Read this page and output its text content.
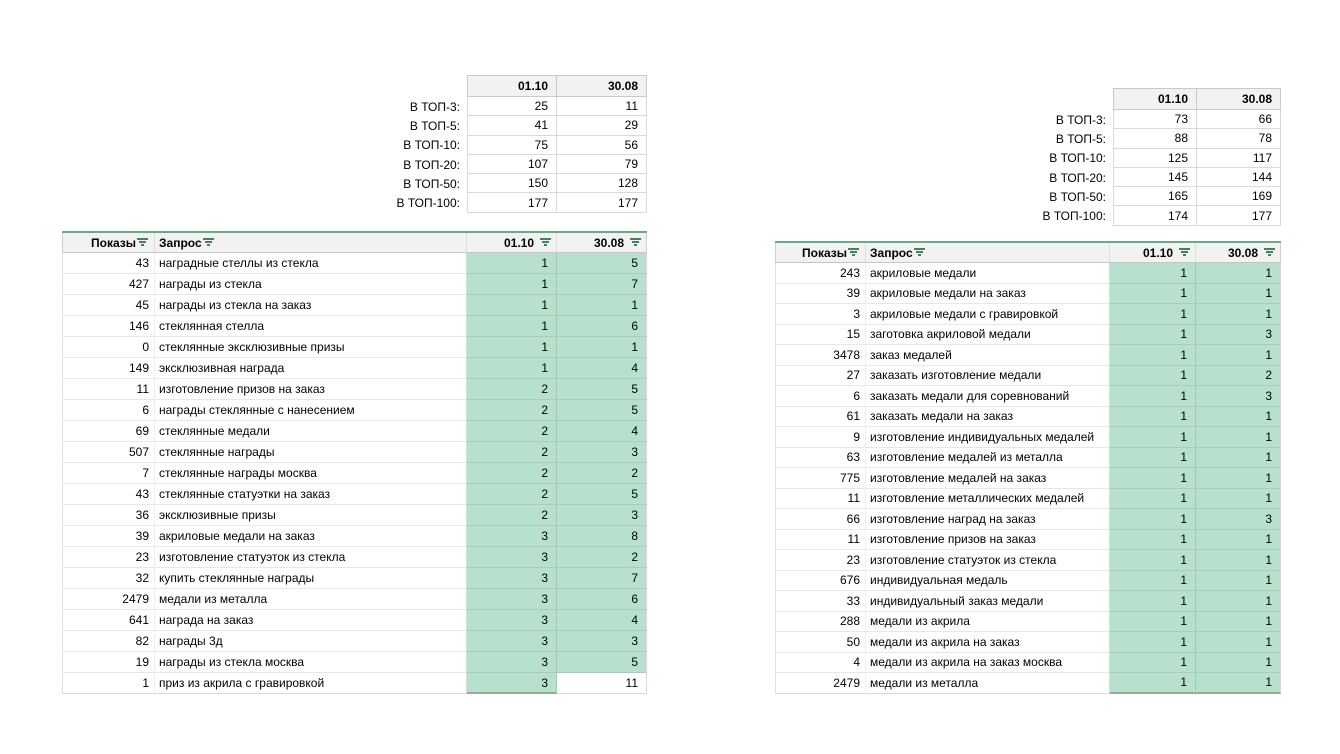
01.10	30.08
В ТОП-3:	25	11
В ТОП-5:	41	29
В ТОП-10:	75	56
В ТОП-20:	107	79
В ТОП-50:	150	128
В ТОП-100:	177	177
01.10	30.08
В ТОП-3:	73	66
В ТОП-5:	88	78
В ТОП-10:	125	117
В ТОП-20:	145	144
В ТОП-50:	165	169
В ТОП-100:	174	177
Показы Запрос	01.10	30.08
43 наградные стеллы из стекла	1	5
427 награды из стекла	1	7
45 награды из стекла на заказ	1	1
146 стеклянная стелла	1	6
0 стеклянные эксклюзивные призы	1	1
149 эксклюзивная награда	1	4
11 изготовление призов на заказ	2	5
6 награды стеклянные с нанесением	2	5
69 стеклянные медали	2	4
507 стеклянные награды	2	3
7 стеклянные награды москва	2	2
43 стеклянные статуэтки на заказ	2	5
36 эксклюзивные призы	2	3
39 акриловые медали на заказ	3	8
23 изготовление статуэток из стекла	3	2
32 купить стеклянные награды	3	7
2479 медали из металла	3	6
641 награда на заказ	3	4
82 награды 3д	3	3
19 награды из стекла москва	3	5
1 приз из акрила с гравировкой	3	11
Показы Запрос	01.10	30.08
243 акриловые медали	1	1
39 акриловые медали на заказ	1	1
3 акриловые медали с гравировкой	1	1
15 заготовка акриловой медали	1	3
3478 заказ медалей	1	1
27 заказать изготовление медали	1	2
6 заказать медали для соревнований	1	3
61 заказать медали на заказ	1	1
9 изготовление индивидуальных медалей	1	1
63 изготовление медалей из металла	1	1
775 изготовление медалей на заказ	1	1
11 изготовление металлических медалей	1	1
66 изготовление наград на заказ	1	3
11 изготовление призов на заказ	1	1
23 изготовление статуэток из стекла	1	1
676 индивидуальная медаль	1	1
33 индивидуальный заказ медали	1	1
288 медали из акрила	1	1
50 медали из акрила на заказ	1	1
4 медали из акрила на заказ москва	1	1
2479 медали из металла	1	1
